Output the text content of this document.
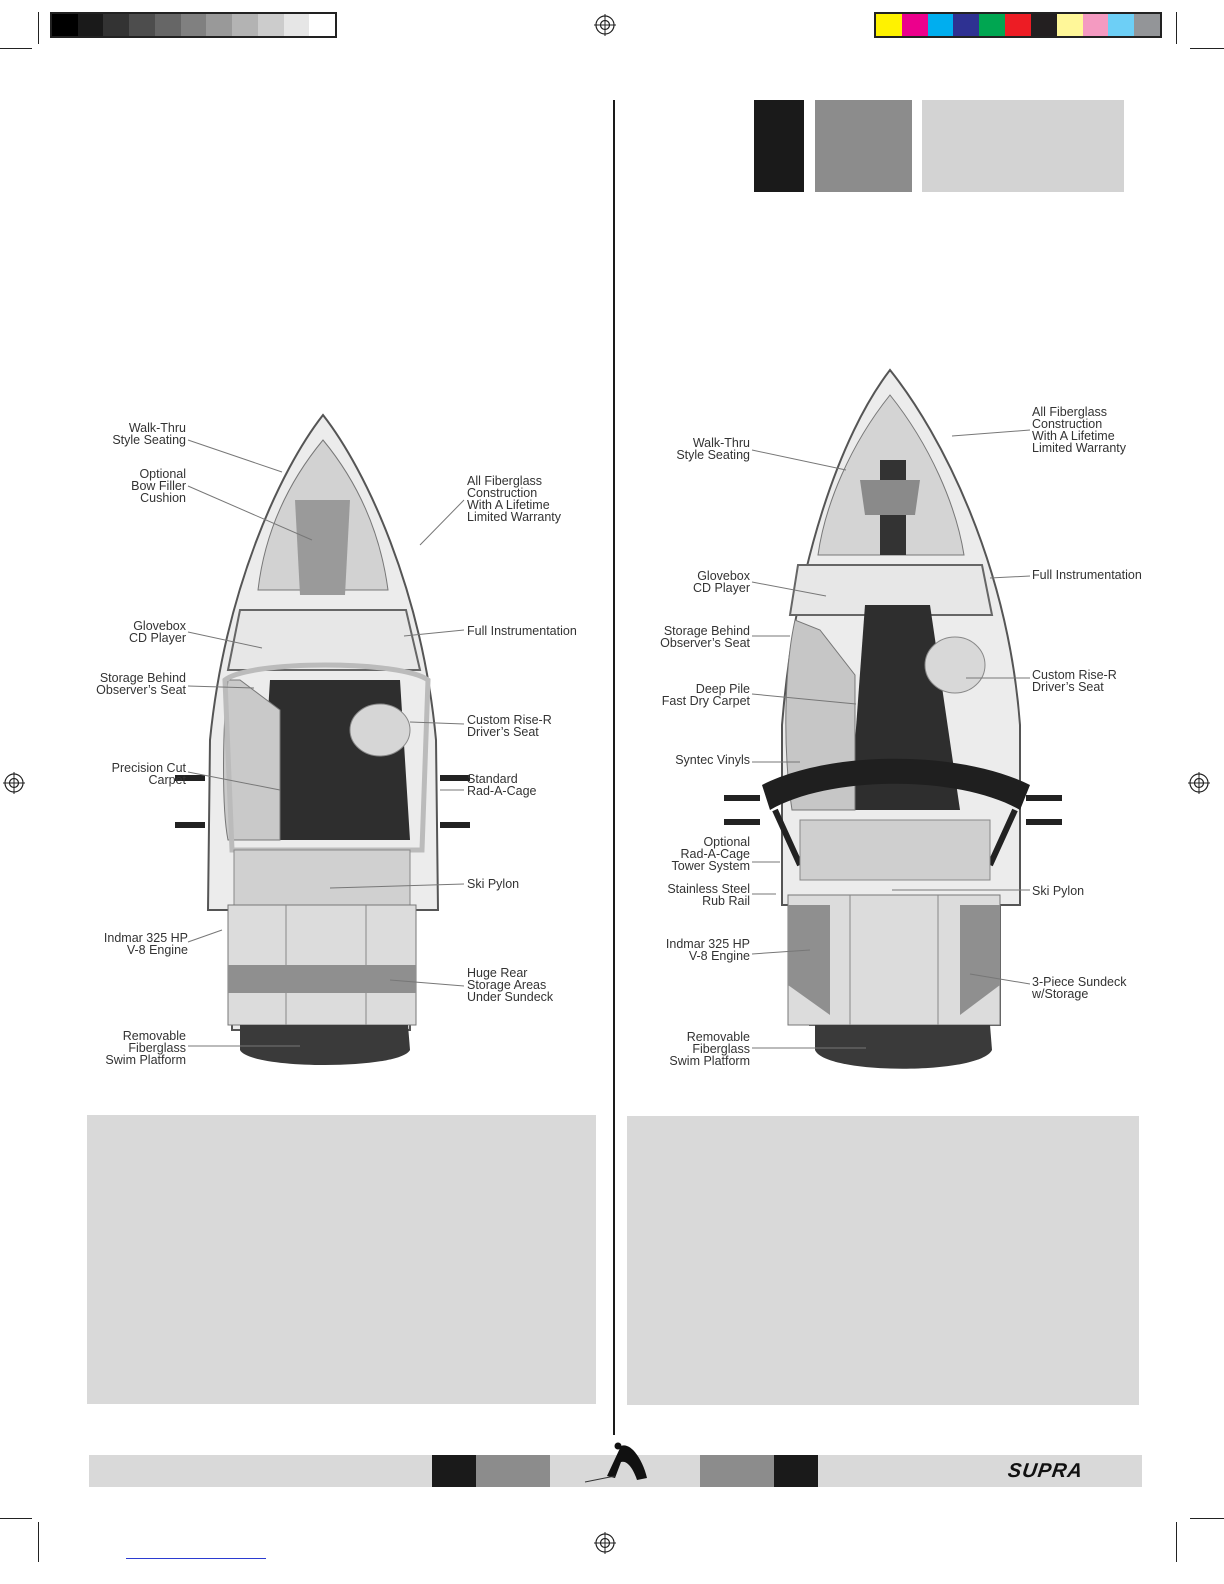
Walk-Thru
Style Seating
Optional
Bow Filler
Cushion
Glovebox
CD Player
Storage Behind
Observer’s Seat
Precision Cut
Carpet
Indmar 325 HP
V-8 Engine
Removable
Fiberglass
Swim Platform
All Fiberglass
Construction
With A Lifetime
Limited Warranty
Full Instrumentation
Custom Rise-R
Driver’s Seat
Standard
Rad-A-Cage
Ski Pylon
Huge Rear
Storage Areas
Under Sundeck
Walk-Thru
Style Seating
Glovebox
CD Player
Storage Behind
Observer’s Seat
Deep Pile
Fast Dry Carpet
Syntec Vinyls
Optional
Rad-A-Cage
Tower System
Stainless Steel
Rub Rail
Indmar 325 HP
V-8 Engine
Removable
Fiberglass
Swim Platform
All Fiberglass
Construction
With A Lifetime
Limited Warranty
Full Instrumentation
Custom Rise-R
Driver’s Seat
Ski Pylon
3-Piece Sundeck
w/Storage
SUPRA
